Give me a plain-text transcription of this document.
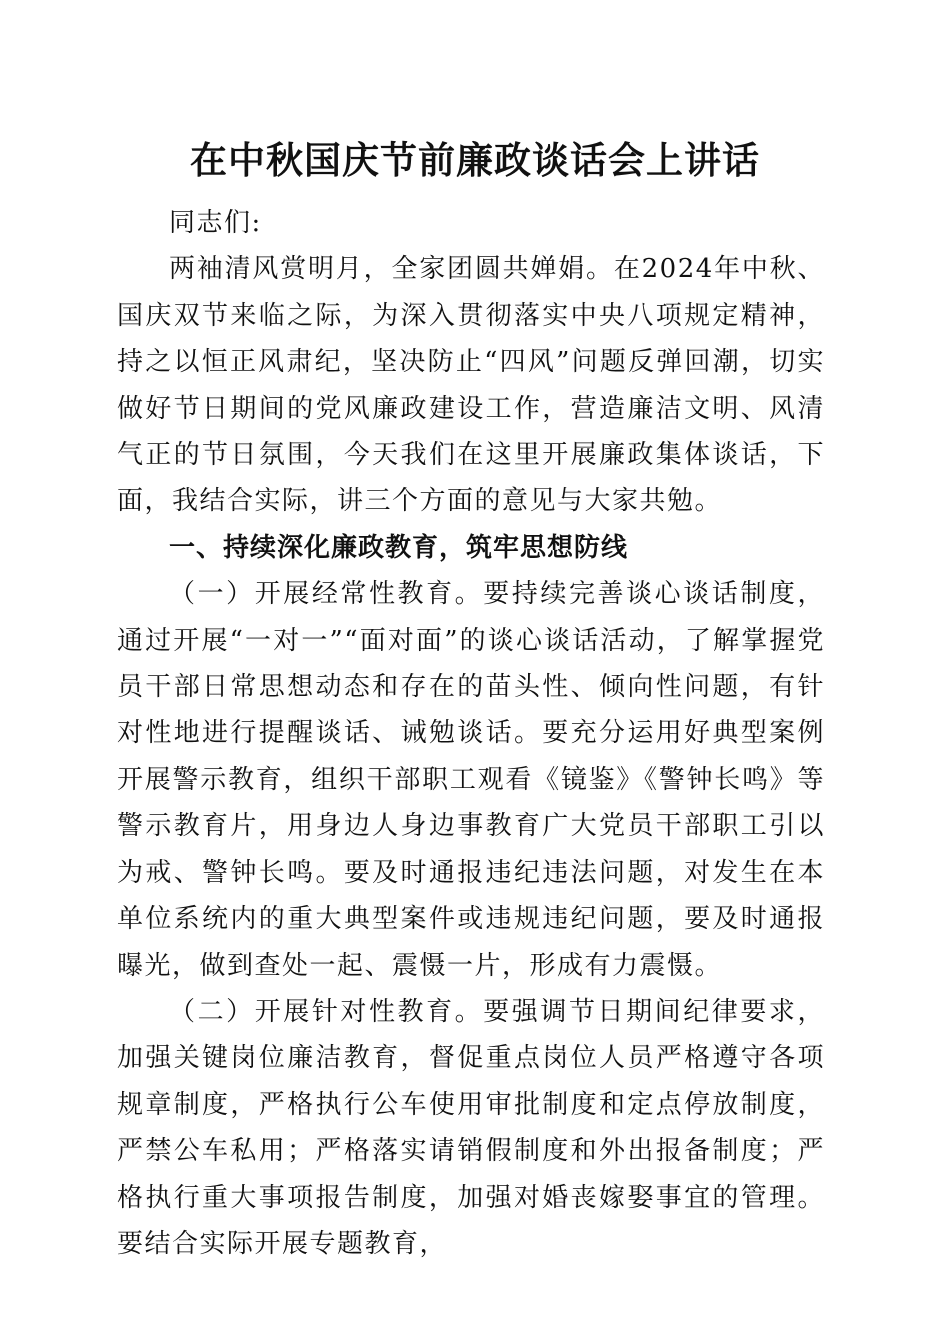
在中秋国庆节前廉政谈话会上讲话

同志们:

两袖清风赏明月，全家团圆共婵娟。在2024年中秋、国庆双节来临之际，为深入贯彻落实中央八项规定精神，持之以恒正风肃纪，坚决防止“四风”问题反弹回潮，切实做好节日期间的党风廉政建设工作，营造廉洁文明、风清气正的节日氛围，今天我们在这里开展廉政集体谈话，下面，我结合实际，讲三个方面的意见与大家共勉。

一、持续深化廉政教育，筑牢思想防线

（一）开展经常性教育。要持续完善谈心谈话制度，通过开展“一对一”“面对面”的谈心谈话活动，了解掌握党员干部日常思想动态和存在的苗头性、倾向性问题，有针对性地进行提醒谈话、诫勉谈话。要充分运用好典型案例开展警示教育，组织干部职工观看《镜鉴》《警钟长鸣》等警示教育片，用身边人身边事教育广大党员干部职工引以为戒、警钟长鸣。要及时通报违纪违法问题，对发生在本单位系统内的重大典型案件或违规违纪问题，要及时通报曝光，做到查处一起、震慑一片，形成有力震慑。

（二）开展针对性教育。要强调节日期间纪律要求，加强关键岗位廉洁教育，督促重点岗位人员严格遵守各项规章制度，严格执行公车使用审批制度和定点停放制度，严禁公车私用；严格落实请销假制度和外出报备制度；严格执行重大事项报告制度，加强对婚丧嫁娶事宜的管理。要结合实际开展专题教育，
